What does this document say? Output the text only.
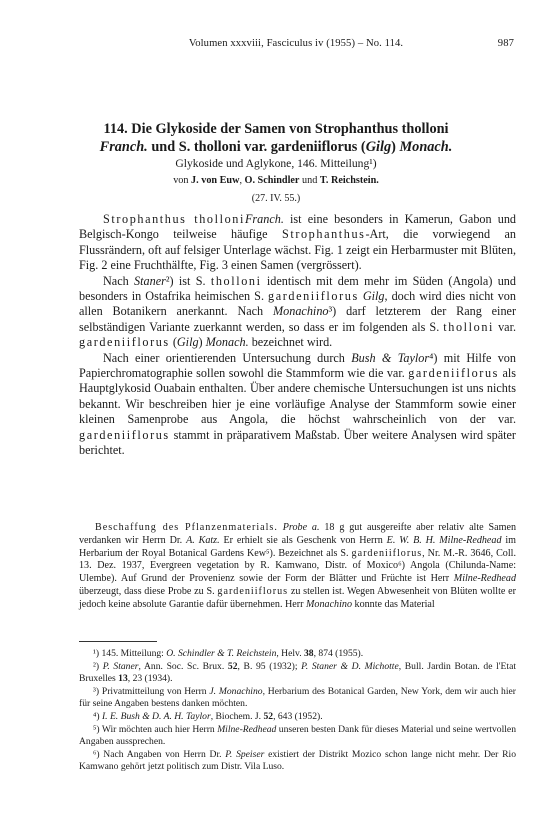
Volumen xxxviii, Fasciculus iv (1955) – No. 114.	987
114. Die Glykoside der Samen von Strophanthus tholloni
Franch. und S. tholloni var. gardeniiflorus (Gilg) Monach.
Glykoside und Aglykone, 146. Mitteilung¹)
von J. von Euw, O. Schindler und T. Reichstein.
(27. IV. 55.)

Strophanthus tholloniFranch. ist eine besonders in Kamerun, Gabon und Belgisch-Kongo teilweise häufige Strophanthus-Art, die vorwiegend an Flussrändern, oft auf felsiger Unterlage wächst. Fig. 1 zeigt ein Herbarmuster mit Blüten, Fig. 2 eine Fruchthälfte, Fig. 3 einen Samen (vergrössert).

Nach Staner²) ist S. tholloni identisch mit dem mehr im Süden (Angola) und besonders in Ostafrika heimischen S. gardeniiflorus Gilg, doch wird dies nicht von allen Botanikern anerkannt. Nach Monachino³) darf letzterem der Rang einer selbständigen Variante zuerkannt werden, so dass er im folgenden als S. tholloni var. gardeniiflorus (Gilg) Monach. bezeichnet wird.

Nach einer orientierenden Untersuchung durch Bush & Taylor⁴) mit Hilfe von Papierchromatographie sollen sowohl die Stammform wie die var. gardeniiflorus als Hauptglykosid Ouabain enthalten. Über andere chemische Untersuchungen ist uns nichts bekannt. Wir beschreiben hier je eine vorläufige Analyse der Stammform sowie einer kleinen Samenprobe aus Angola, die höchst wahrscheinlich von der var. gardeniiflorus stammt in präparativem Maßstab. Über weitere Analysen wird später berichtet.

Beschaffung des Pflanzenmaterials. Probe a. 18 g gut ausgereifte aber relativ alte Samen verdanken wir Herrn Dr. A. Katz. Er erhielt sie als Geschenk von Herrn E. W. B. H. Milne-Redhead im Herbarium der Royal Botanical Gardens Kew⁵). Bezeichnet als S. gardeniiflorus, Nr. M.-R. 3646, Coll. 13. Dez. 1937, Evergreen vegetation by R. Kamwano, Distr. of Moxico⁶) Angola (Chilunda-Name: Ulembe). Auf Grund der Provenienz sowie der Form der Blätter und Früchte ist Herr Milne-Redhead überzeugt, dass diese Probe zu S. gardeniiflorus zu stellen ist. Wegen Abwesenheit von Blüten wollte er jedoch keine absolute Garantie dafür übernehmen. Herr Monachino konnte das Material

¹) 145. Mitteilung: O. Schindler & T. Reichstein, Helv. 38, 874 (1955).

²) P. Staner, Ann. Soc. Sc. Brux. 52, B. 95 (1932); P. Staner & D. Michotte, Bull. Jardin Botan. de l'Etat Bruxelles 13, 23 (1934).

³) Privatmitteilung von Herrn J. Monachino, Herbarium des Botanical Garden, New York, dem wir auch hier für seine Angaben bestens danken möchten.

⁴) I. E. Bush & D. A. H. Taylor, Biochem. J. 52, 643 (1952).

⁵) Wir möchten auch hier Herrn Milne-Redhead unseren besten Dank für dieses Material und seine wertvollen Angaben aussprechen.

⁶) Nach Angaben von Herrn Dr. P. Speiser existiert der Distrikt Mozico schon lange nicht mehr. Der Rio Kamwano gehört jetzt politisch zum Distr. Vila Luso.
